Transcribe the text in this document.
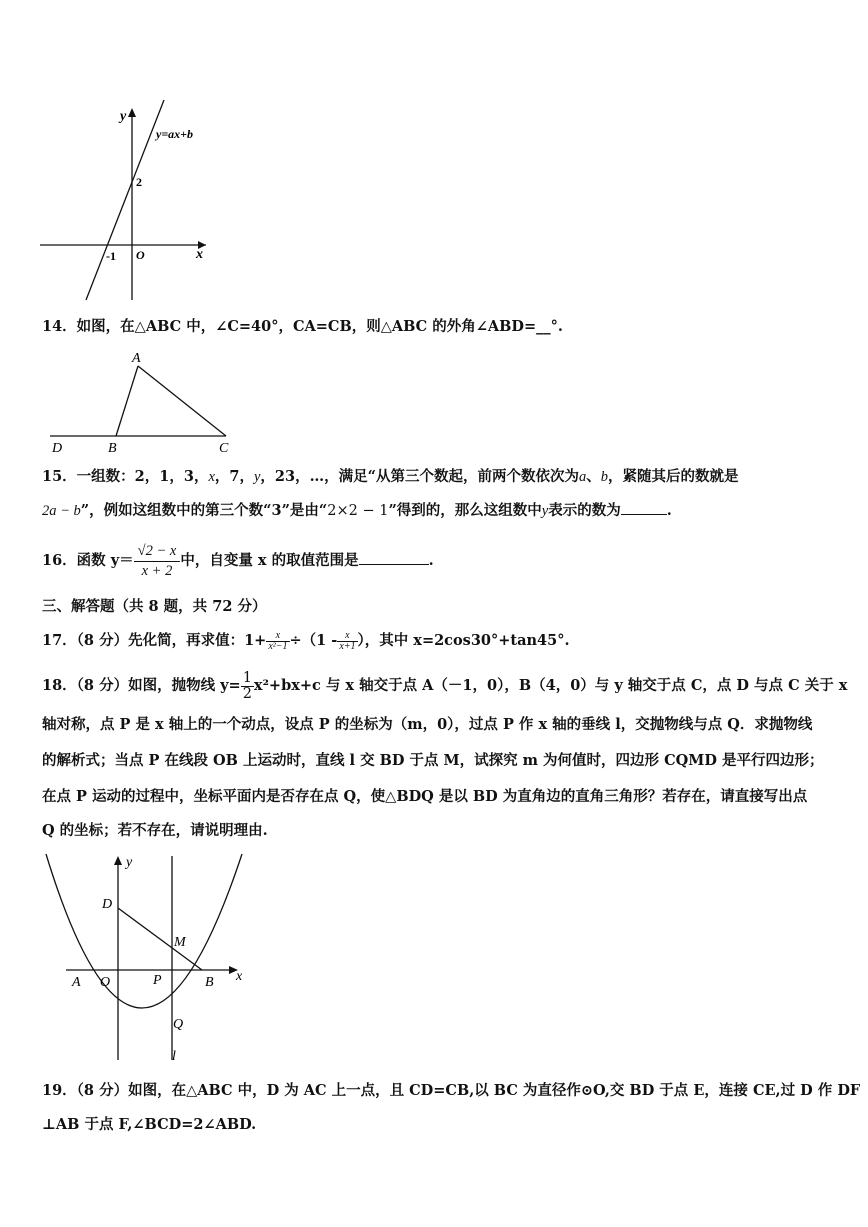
y
x
y=ax+b
2
-1 O
14．如图，在△ABC 中，∠C=40°，CA=CB，则△ABC 的外角∠ABD=__°.
A
B	C
D
15．一组数：2，1，3，x，7，y，23，…，满足“从第三个数起，前两个数依次为a、b，紧随其后的数就是
2a − b”，例如这组数中的第三个数“3”是由“2×2 − 1”得到的，那么这组数中y表示的数为	.
16．函数 $y= \frac{√2 - x}{x + 2}$ 中，自变量 x 的取值范围是	.
三、解答题（共 8 题，共 72 分）
17．（8 分）先化简，再求值：$1+ \frac{x}{\text{x²−1}} \div(1 - \frac{x}{x+1}$ ），其中 x=2cos30°+tan45°.
18．（8 分）如图，抛物线 $y= \frac{1}{2} x^2+bx+c$ 与 x 轴交于点 A（－1，0），B（4，0）与 y 轴交于点 C，点 D 与点 C 关于 x
轴对称，点 P 是 x 轴上的一个动点，设点 P 的坐标为（m，0），过点 P 作 x 轴的垂线 l，交抛物线与点 Q．求抛物线
的解析式；当点 P 在线段 OB 上运动时，直线 l 交 BD 于点 M，试探究 m 为何值时，四边形 CQMD 是平行四边形；
在点 P 运动的过程中，坐标平面内是否存在点 Q，使△BDQ 是以 BD 为直角边的直角三角形？若存在，请直接写出点
Q 的坐标；若不存在，请说明理由.
y
x
D
M
A O	P	B
Q
l
19．（8 分）如图，在△ABC 中，D 为 AC 上一点，且 CD=CB,以 BC 为直径作⊙O,交 BD 于点 E，连接 CE,过 D 作 DF
⊥AB 于点 F,∠BCD=2∠ABD.
